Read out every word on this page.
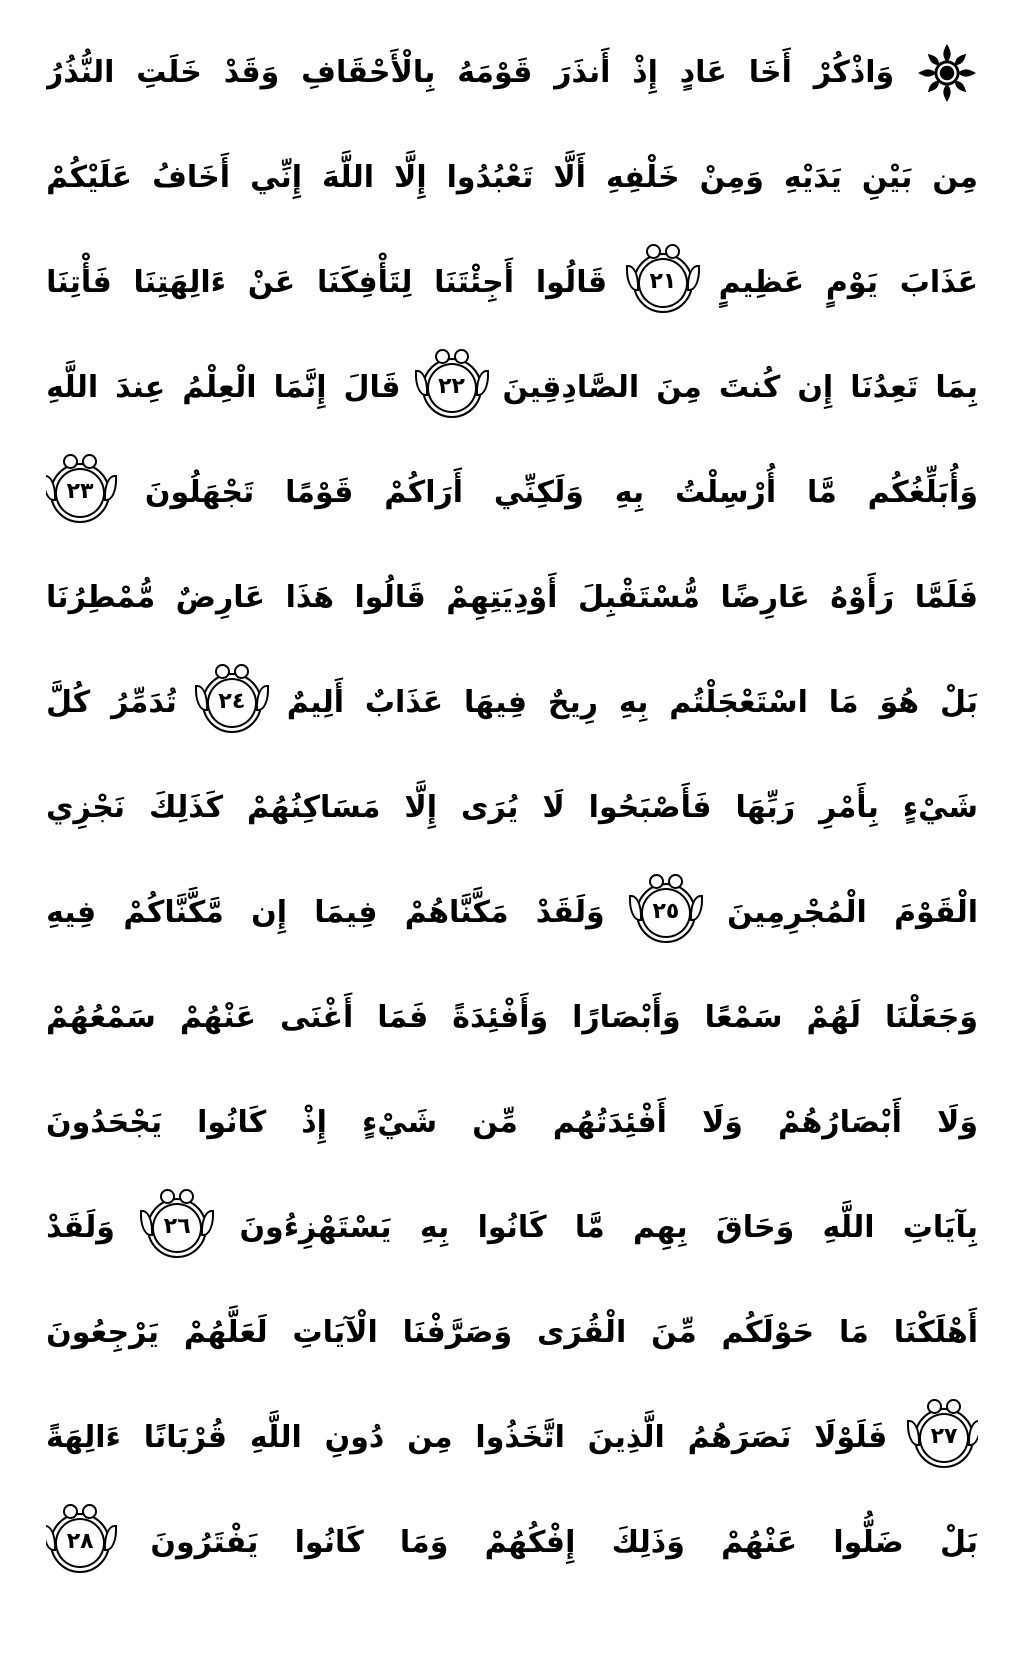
وَاذْكُرْ
أَخَا
عَادٍ
إِذْ
أَنذَرَ
قَوْمَهُ
بِالْأَحْقَافِ
وَقَدْ
خَلَتِ
النُّذُرُ
مِن
بَيْنِ
يَدَيْهِ
وَمِنْ
خَلْفِهِ
أَلَّا
تَعْبُدُوا
إِلَّا
اللَّهَ
إِنِّي
أَخَافُ
عَلَيْكُمْ
عَذَابَ
يَوْمٍ
عَظِيمٍ
٢١
قَالُوا
أَجِئْتَنَا
لِتَأْفِكَنَا
عَنْ
ءَالِهَتِنَا
فَأْتِنَا
بِمَا
تَعِدُنَا
إِن
كُنتَ
مِنَ
الصَّادِقِينَ
٢٢
قَالَ
إِنَّمَا
الْعِلْمُ
عِندَ
اللَّهِ
وَأُبَلِّغُكُم
مَّا
أُرْسِلْتُ
بِهِ
وَلَكِنِّي
أَرَاكُمْ
قَوْمًا
تَجْهَلُونَ
٢٣
فَلَمَّا
رَأَوْهُ
عَارِضًا
مُّسْتَقْبِلَ
أَوْدِيَتِهِمْ
قَالُوا
هَذَا
عَارِضٌ
مُّمْطِرُنَا
بَلْ
هُوَ
مَا
اسْتَعْجَلْتُم
بِهِ
رِيحٌ
فِيهَا
عَذَابٌ
أَلِيمٌ
٢٤
تُدَمِّرُ
كُلَّ
شَيْءٍ
بِأَمْرِ
رَبِّهَا
فَأَصْبَحُوا
لَا
يُرَى
إِلَّا
مَسَاكِنُهُمْ
كَذَلِكَ
نَجْزِي
الْقَوْمَ
الْمُجْرِمِينَ
٢٥
وَلَقَدْ
مَكَّنَّاهُمْ
فِيمَا
إِن
مَّكَّنَّاكُمْ
فِيهِ
وَجَعَلْنَا
لَهُمْ
سَمْعًا
وَأَبْصَارًا
وَأَفْئِدَةً
فَمَا
أَغْنَى
عَنْهُمْ
سَمْعُهُمْ
وَلَا
أَبْصَارُهُمْ
وَلَا
أَفْئِدَتُهُم
مِّن
شَيْءٍ
إِذْ
كَانُوا
يَجْحَدُونَ
بِآيَاتِ
اللَّهِ
وَحَاقَ
بِهِم
مَّا
كَانُوا
بِهِ
يَسْتَهْزِءُونَ
٢٦
وَلَقَدْ
أَهْلَكْنَا
مَا
حَوْلَكُم
مِّنَ
الْقُرَى
وَصَرَّفْنَا
الْآيَاتِ
لَعَلَّهُمْ
يَرْجِعُونَ
٢٧
فَلَوْلَا
نَصَرَهُمُ
الَّذِينَ
اتَّخَذُوا
مِن
دُونِ
اللَّهِ
قُرْبَانًا
ءَالِهَةً
بَلْ
ضَلُّوا
عَنْهُمْ
وَذَلِكَ
إِفْكُهُمْ
وَمَا
كَانُوا
يَفْتَرُونَ
٢٨
